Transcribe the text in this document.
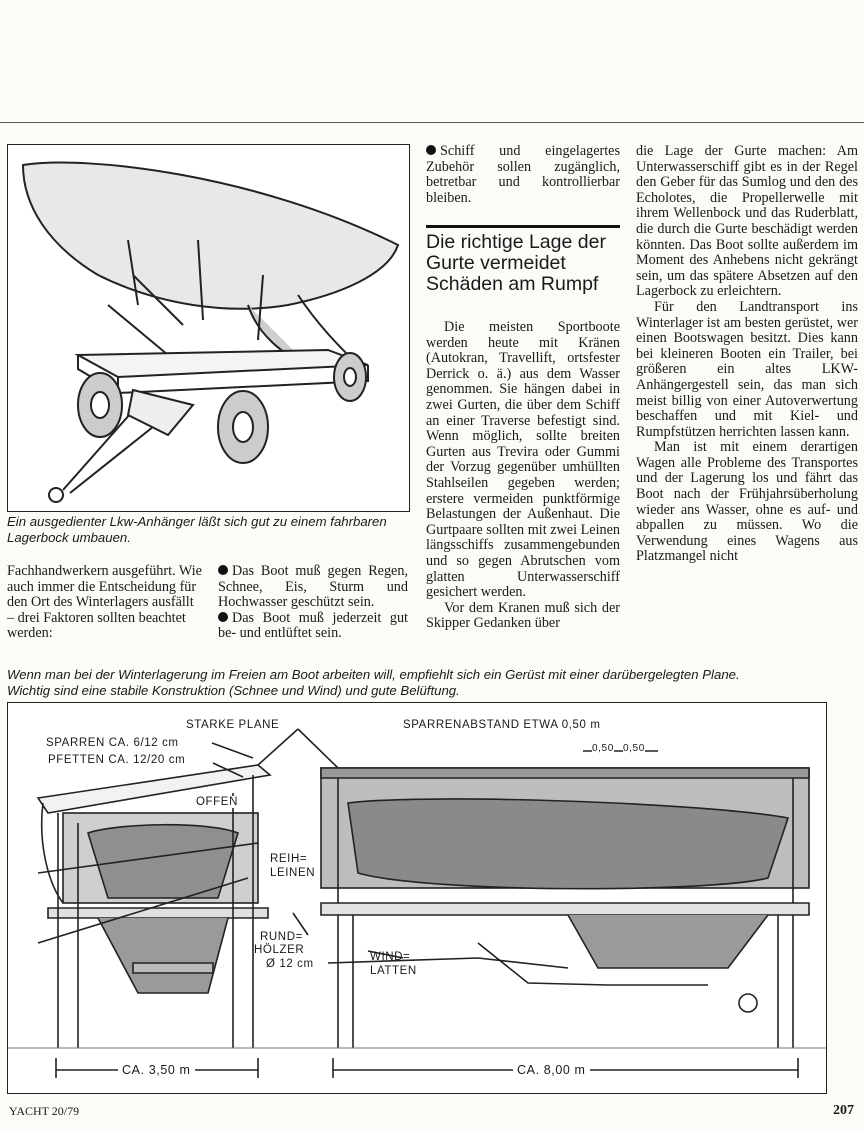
Ein ausgedienter Lkw-Anhänger läßt sich gut zu einem fahrbaren Lagerbock umbauen.

Fachhandwerkern ausgeführt. Wie auch immer die Entscheidung für den Ort des Winterlagers ausfällt – drei Faktoren sollten beachtet werden:

Das Boot muß gegen Regen, Schnee, Eis, Sturm und Hochwasser geschützt sein.

Das Boot muß jederzeit gut be- und entlüftet sein.

Schiff und eingelagertes Zubehör sollen zugänglich, betretbar und kontrollierbar bleiben.

Die richtige Lage der Gurte vermeidet Schäden am Rumpf

Die meisten Sportboote werden heute mit Kränen (Autokran, Travellift, ortsfester Derrick o. ä.) aus dem Wasser genommen. Sie hängen dabei in zwei Gurten, die über dem Schiff an einer Traverse befestigt sind. Wenn möglich, sollte breiten Gurten aus Trevira oder Gummi der Vorzug gegenüber umhüllten Stahlseilen gegeben werden; erstere vermeiden punktförmige Belastungen der Außenhaut. Die Gurtpaare sollten mit zwei Leinen längsschiffs zusammengebunden und so gegen Abrutschen vom glatten Unterwasserschiff gesichert werden.

Vor dem Kranen muß sich der Skipper Gedanken über

die Lage der Gurte machen: Am Unterwasserschiff gibt es in der Regel den Geber für das Sumlog und den des Echolotes, die Propellerwelle mit ihrem Wellenbock und das Ruderblatt, die durch die Gurte beschädigt werden könnten. Das Boot sollte außerdem im Moment des Anhebens nicht gekrängt sein, um das spätere Absetzen auf den Lagerbock zu erleichtern.

Für den Landtransport ins Winterlager ist am besten gerüstet, wer einen Bootswagen besitzt. Dies kann bei kleineren Booten ein Trailer, bei größeren ein altes LKW-Anhängergestell sein, das man sich meist billig von einer Autoverwertung beschaffen und mit Kiel- und Rumpfstützen herrichten lassen kann.

Man ist mit einem derartigen Wagen alle Probleme des Transportes und der Lagerung los und fährt das Boot nach der Frühjahrsüberholung wieder ans Wasser, ohne es auf- und abpallen zu müssen. Wo die Verwendung eines Wagens aus Platzmangel nicht

Wenn man bei der Winterlagerung im Freien am Boot arbeiten will, empfiehlt sich ein Gerüst mit einer darübergelegten Plane.
Wichtig sind eine stabile Konstruktion (Schnee und Wind) und gute Belüftung.
STARKE PLANE
SPARREN CA. 6/12 cm
PFETTEN CA. 12/20 cm
OFFEN
REIH=
LEINEN
RUND=
HÖLZER
Ø 12 cm
WIND=
LATTEN
SPARRENABSTAND ETWA 0,50 m
0,50 0,50
CA. 3,50 m	CA. 8,00 m
YACHT 20/79	207
